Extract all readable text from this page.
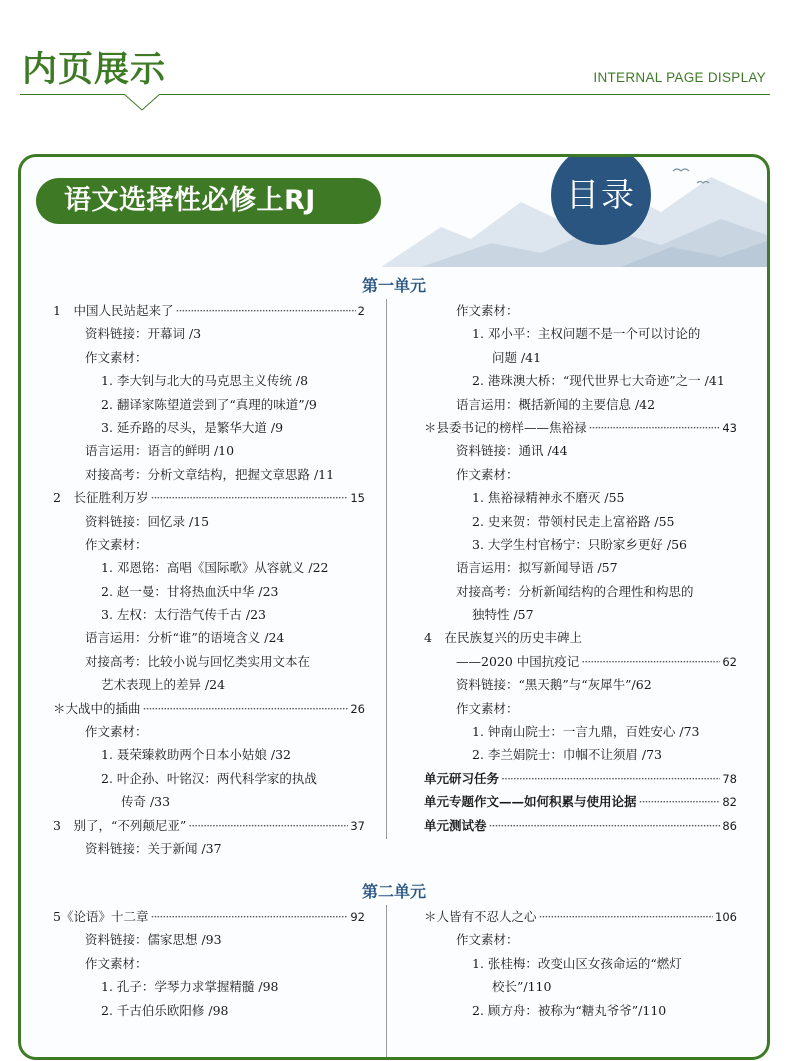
内页展示	INTERNAL PAGE DISPLAY
语文选择性必修上RJ	目录
第一单元
1　中国人民站起来了 ·····	2
资料链接：开幕词 /3
作文素材：
1. 李大钊与北大的马克思主义传统 /8
2. 翻译家陈望道尝到了“真理的味道”/9
3. 延乔路的尽头，是繁华大道 /9
语言运用：语言的鲜明 /10
对接高考：分析文章结构，把握文章思路 /11
2　长征胜利万岁 ·····	15
资料链接：回忆录 /15
作文素材：
1. 邓恩铭：高唱《国际歌》从容就义 /22
2. 赵一曼：甘将热血沃中华 /23
3. 左权：太行浩气传千古 /23
语言运用：分析“谁”的语境含义 /24
对接高考：比较小说与回忆类实用文本在
艺术表现上的差异 /24
＊大战中的插曲 ·····	26
作文素材：
1. 聂荣臻救助两个日本小姑娘 /32
2. 叶企孙、叶铭汉：两代科学家的执战
传奇 /33
3　别了，“不列颠尼亚” ·····	37
资料链接：关于新闻 /37
作文素材：
1. 邓小平：主权问题不是一个可以讨论的
问题 /41
2. 港珠澳大桥：“现代世界七大奇迹”之一 /41
语言运用：概括新闻的主要信息 /42
＊县委书记的榜样——焦裕禄 ·····	43
资料链接：通讯 /44
作文素材：
1. 焦裕禄精神永不磨灭 /55
2. 史来贺：带领村民走上富裕路 /55
3. 大学生村官杨宁：只盼家乡更好 /56
语言运用：拟写新闻导语 /57
对接高考：分析新闻结构的合理性和构思的
独特性 /57
4　在民族复兴的历史丰碑上
——2020 中国抗疫记 ·····	62
资料链接：“黑天鹅”与“灰犀牛”/62
作文素材：
1. 钟南山院士：一言九鼎，百姓安心 /73
2. 李兰娟院士：巾帼不让须眉 /73
单元研习任务 ·····	78
单元专题作文——如何积累与使用论据 ·····	82
单元测试卷 ·····	86
第二单元
5《论语》十二章 ·····	92
资料链接：儒家思想 /93
作文素材：
1. 孔子：学琴力求掌握精髓 /98
2. 千古伯乐欧阳修 /98
＊人皆有不忍人之心 ·····	106
作文素材：
1. 张桂梅：改变山区女孩命运的“燃灯
校长”/110
2. 顾方舟：被称为“糖丸爷爷”/110
